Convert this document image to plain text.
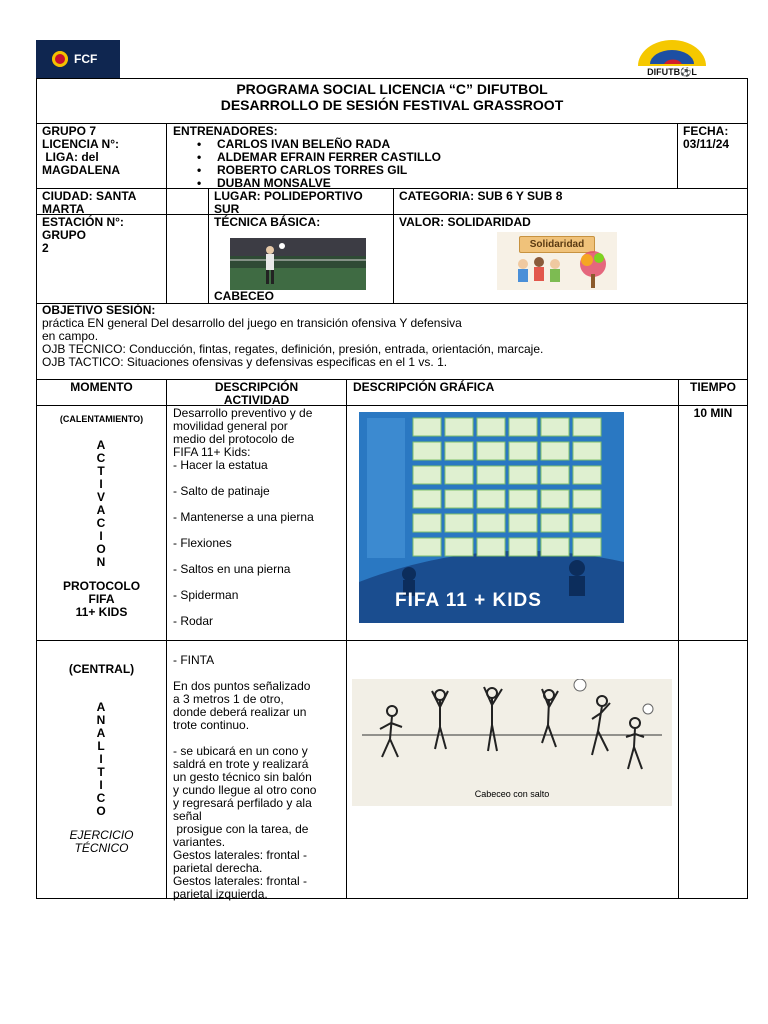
FCF
DIFUTB⚽L
PROGRAMA SOCIAL LICENCIA “C” DIFUTBOL
DESARROLLO DE SESIÓN FESTIVAL GRASSROOT
GRUPO 7
LICENCIA N°:
LIGA: del
MAGDALENA
ENTRENADORES:
• CARLOS IVAN BELEÑO RADA
• ALDEMAR EFRAIN FERRER CASTILLO
• ROBERTO CARLOS TORRES GIL
• DUBAN MONSALVE
FECHA:
03/11/24
CIUDAD: SANTA
MARTA
LUGAR: POLIDEPORTIVO
SUR
CATEGORIA: SUB 6 Y SUB 8
ESTACIÓN N°: GRUPO
2
TÉCNICA BÁSICA:
CABECEO
VALOR: SOLIDARIDAD
Solidaridad
OBJETIVO SESIÓN:
práctica EN general Del desarrollo del juego en transición ofensiva Y defensiva
en campo.
OJB TECNICO: Conducción, fintas, regates, definición, presión, entrada, orientación, marcaje.
OJB TACTICO: Situaciones ofensivas y defensivas especificas en el 1 vs. 1.
MOMENTO	DESCRIPCIÓN
ACTIVIDAD
DESCRIPCIÓN GRÁFICA	TIEMPO
(CALENTAMIENTO)
A
C
T
I
V
A
C
I
O
N
PROTOCOLO
FIFA
11+ KIDS
Desarrollo preventivo y de
movilidad general por
medio del protocolo de
FIFA 11+ Kids:
- Hacer la estatua
- Salto de patinaje
- Mantenerse a una pierna
- Flexiones
- Saltos en una pierna
- Spiderman
- Rodar
FIFA 11 + KIDS
10 MIN
(CENTRAL)
A
N
A
L
I
T
I
C
O
EJERCICIO
TÉCNICO
- FINTA
En dos puntos señalizado
a 3 metros 1 de otro,
donde deberá realizar un
trote continuo.
- se ubicará en un cono y
saldrá en trote y realizará
un gesto técnico sin balón
y cundo llegue al otro cono
y regresará perfilado y ala
señal
prosigue con la tarea, de
variantes.
Gestos laterales: frontal -
parietal derecha.
Gestos laterales: frontal -
parietal izquierda.
Cabeceo con salto
